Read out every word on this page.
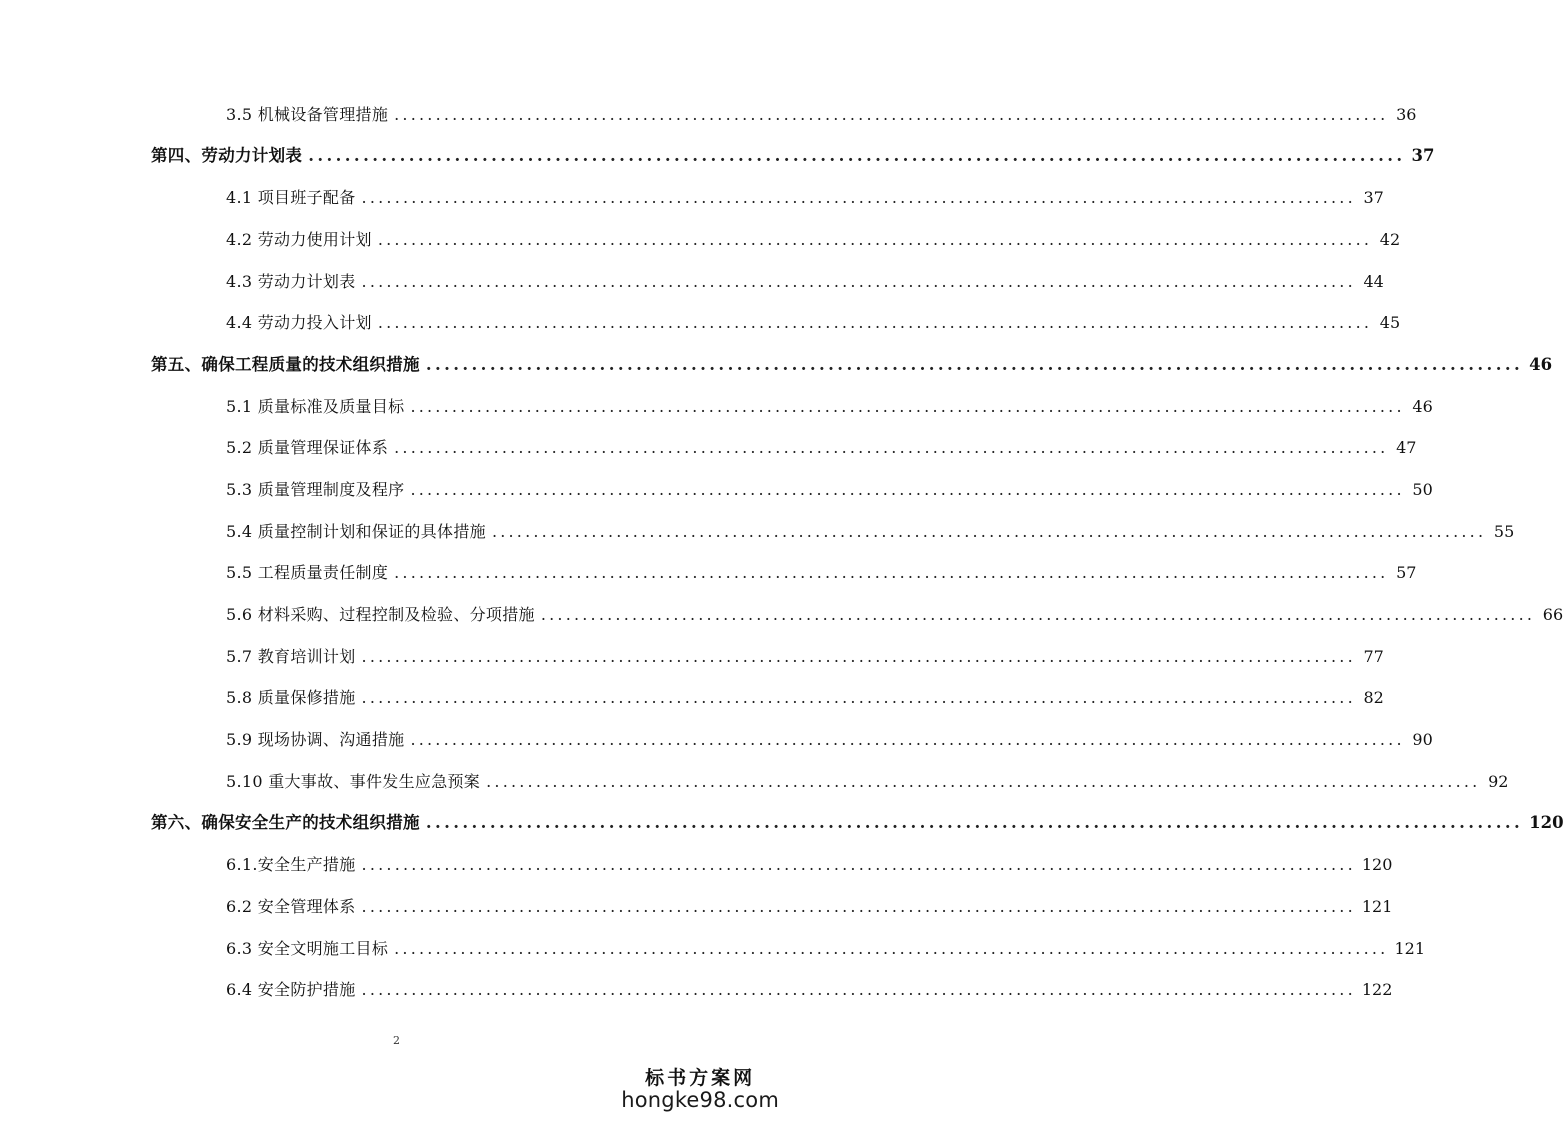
3.5 机械设备管理措施 ........................................................................................................................ 36
第四、劳动力计划表 ........................................................................................................................ 37
4.1 项目班子配备 ........................................................................................................................ 37
4.2 劳动力使用计划 ........................................................................................................................ 42
4.3 劳动力计划表 ........................................................................................................................ 44
4.4 劳动力投入计划 ........................................................................................................................ 45
第五、确保工程质量的技术组织措施 ........................................................................................................................ 46
5.1 质量标准及质量目标 ........................................................................................................................ 46
5.2 质量管理保证体系 ........................................................................................................................ 47
5.3 质量管理制度及程序 ........................................................................................................................ 50
5.4 质量控制计划和保证的具体措施 ........................................................................................................................ 55
5.5 工程质量责任制度 ........................................................................................................................ 57
5.6 材料采购、过程控制及检验、分项措施 ........................................................................................................................ 66
5.7 教育培训计划 ........................................................................................................................ 77
5.8 质量保修措施 ........................................................................................................................ 82
5.9 现场协调、沟通措施 ........................................................................................................................ 90
5.10 重大事故、事件发生应急预案 ........................................................................................................................ 92
第六、确保安全生产的技术组织措施 ........................................................................................................................ 120
6.1.安全生产措施 ........................................................................................................................ 120
6.2 安全管理体系 ........................................................................................................................ 121
6.3 安全文明施工目标 ........................................................................................................................ 121
6.4 安全防护措施 ........................................................................................................................ 122
2
标书方案网
hongke98.com
